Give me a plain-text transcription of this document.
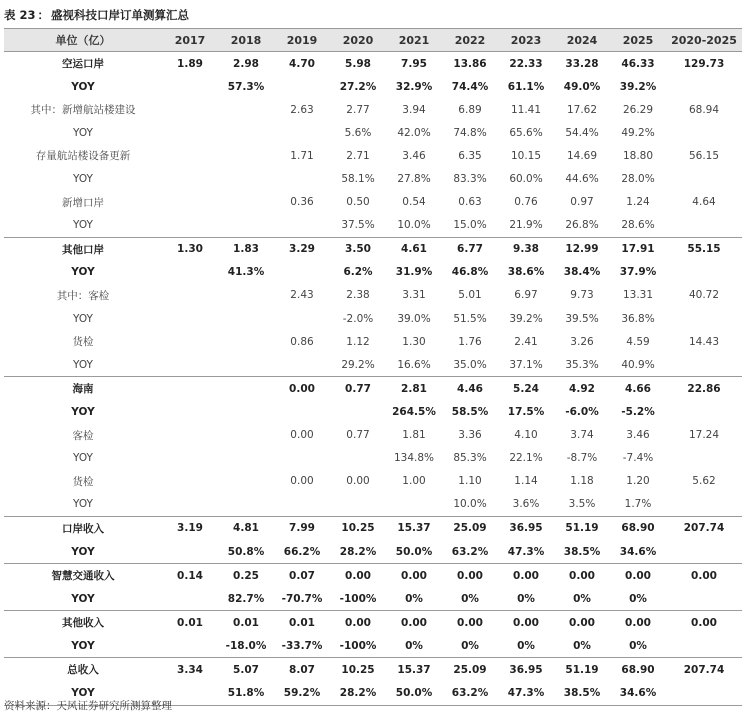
表 23 ： 盛视科技口岸订单测算汇总
单位（亿）	2017	2018	2019	2020	2021	2022	2023	2024	2025	2020-2025
空运口岸	1.89	2.98	4.70	5.98	7.95	13.86	22.33	33.28	46.33	129.73
YOY		57.3%		27.2%	32.9%	74.4%	61.1%	49.0%	39.2%	
其中：新增航站楼建设			2.63	2.77	3.94	6.89	11.41	17.62	26.29	68.94
YOY				5.6%	42.0%	74.8%	65.6%	54.4%	49.2%	
存量航站楼设备更新			1.71	2.71	3.46	6.35	10.15	14.69	18.80	56.15
YOY				58.1%	27.8%	83.3%	60.0%	44.6%	28.0%	
新增口岸			0.36	0.50	0.54	0.63	0.76	0.97	1.24	4.64
YOY				37.5%	10.0%	15.0%	21.9%	26.8%	28.6%	
其他口岸	1.30	1.83	3.29	3.50	4.61	6.77	9.38	12.99	17.91	55.15
YOY		41.3%		6.2%	31.9%	46.8%	38.6%	38.4%	37.9%	
其中：客检			2.43	2.38	3.31	5.01	6.97	9.73	13.31	40.72
YOY				-2.0%	39.0%	51.5%	39.2%	39.5%	36.8%	
货检			0.86	1.12	1.30	1.76	2.41	3.26	4.59	14.43
YOY				29.2%	16.6%	35.0%	37.1%	35.3%	40.9%	
海南			0.00	0.77	2.81	4.46	5.24	4.92	4.66	22.86
YOY					264.5%	58.5%	17.5%	-6.0%	-5.2%	
客检			0.00	0.77	1.81	3.36	4.10	3.74	3.46	17.24
YOY					134.8%	85.3%	22.1%	-8.7%	-7.4%	
货检			0.00	0.00	1.00	1.10	1.14	1.18	1.20	5.62
YOY						10.0%	3.6%	3.5%	1.7%	
口岸收入	3.19	4.81	7.99	10.25	15.37	25.09	36.95	51.19	68.90	207.74
YOY		50.8%	66.2%	28.2%	50.0%	63.2%	47.3%	38.5%	34.6%	
智慧交通收入	0.14	0.25	0.07	0.00	0.00	0.00	0.00	0.00	0.00	0.00
YOY		82.7%	-70.7%	-100%	0%	0%	0%	0%	0%	
其他收入	0.01	0.01	0.01	0.00	0.00	0.00	0.00	0.00	0.00	0.00
YOY		-18.0%	-33.7%	-100%	0%	0%	0%	0%	0%	
总收入	3.34	5.07	8.07	10.25	15.37	25.09	36.95	51.19	68.90	207.74
YOY		51.8%	59.2%	28.2%	50.0%	63.2%	47.3%	38.5%	34.6%	
资料来源：天风证券研究所测算整理
